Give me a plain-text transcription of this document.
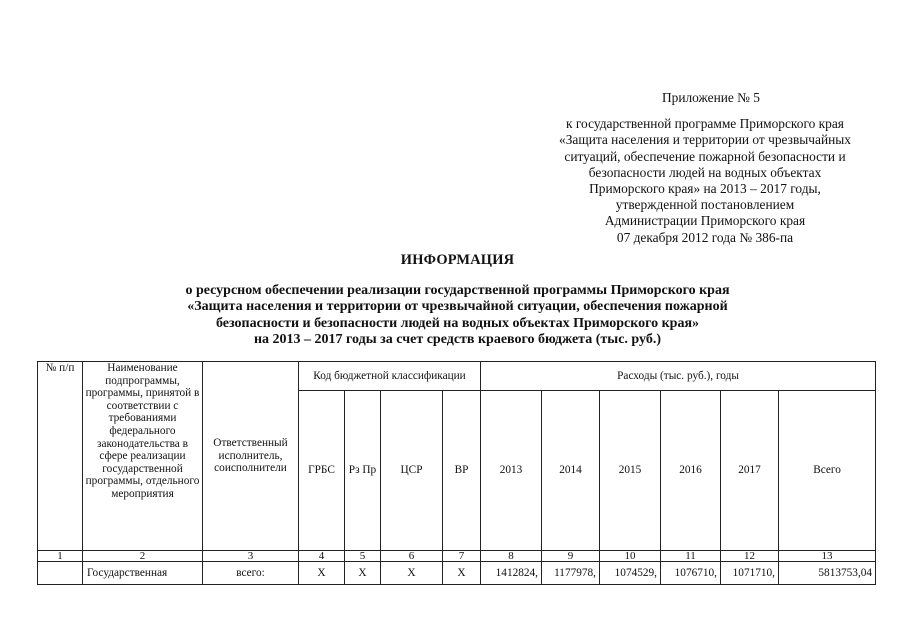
Приложение № 5
к государственной программе Приморского края
«Защита населения и территории от чрезвычайных
ситуаций, обеспечение пожарной безопасности и
безопасности людей на водных объектах
Приморского края» на 2013 – 2017 годы,
утвержденной постановлением
Администрации Приморского края
07 декабря 2012 года № 386-па
ИНФОРМАЦИЯ
о ресурсном обеспечении реализации государственной программы Приморского края
«Защита населения и территории от чрезвычайной ситуации, обеспечения пожарной
безопасности и безопасности людей на водных объектах Приморского края»
на 2013 – 2017 годы за счет средств краевого бюджета (тыс. руб.)
№ п/п	Наименование подпрограммы, программы, принятой в соответствии с требованиями федерального законодательства в сфере реализации государственной программы, отдельного мероприятия	Ответственный исполнитель, соисполнители	Код бюджетной классификации				Расходы (тыс. руб.), годы					
			ГРБС	Рз Пр	ЦСР	ВР	2013	2014	2015	2016	2017	Всего
1	2	3	4	5	6	7	8	9	10	11	12	13
	Государственная	всего:	X	X	X	X	1412824,	1177978,	1074529,	1076710,	1071710,	5813753,04
